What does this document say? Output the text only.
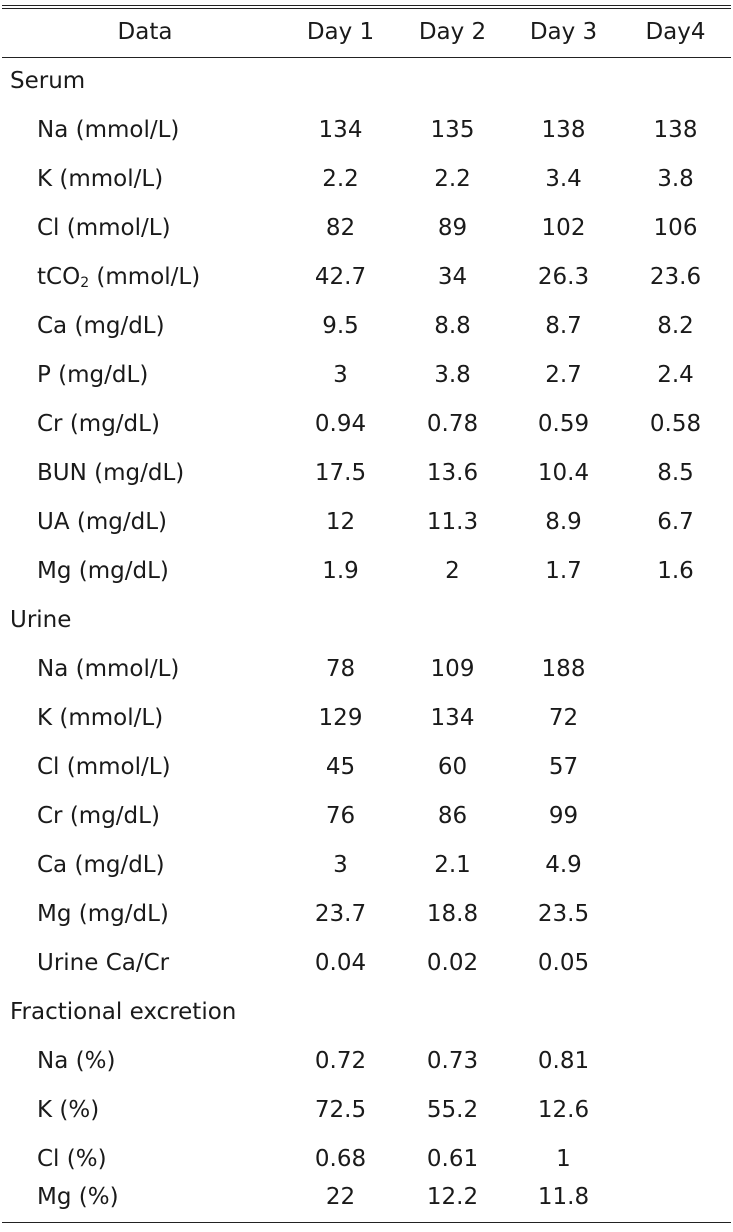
Data	Day 1	Day 2	Day 3	Day4
Serum
Na (mmol/L)	134	135	138	138
K (mmol/L)	2.2	2.2	3.4	3.8
Cl (mmol/L)	82	89	102	106
tCO$_2$ (mmol/L)	42.7	34	26.3	23.6
Ca (mg/dL)	9.5	8.8	8.7	8.2
P (mg/dL)	3	3.8	2.7	2.4
Cr (mg/dL)	0.94	0.78	0.59	0.58
BUN (mg/dL)	17.5	13.6	10.4	8.5
UA (mg/dL)	12	11.3	8.9	6.7
Mg (mg/dL)	1.9	2	1.7	1.6
Urine
Na (mmol/L)	78	109	188
K (mmol/L)	129	134	72
Cl (mmol/L)	45	60	57
Cr (mg/dL)	76	86	99
Ca (mg/dL)	3	2.1	4.9
Mg (mg/dL)	23.7	18.8	23.5
Urine Ca/Cr	0.04	0.02	0.05
Fractional excretion
Na (%)	0.72	0.73	0.81
K (%)	72.5	55.2	12.6
Cl (%)	0.68	0.61	1
Mg (%)	22	12.2	11.8
